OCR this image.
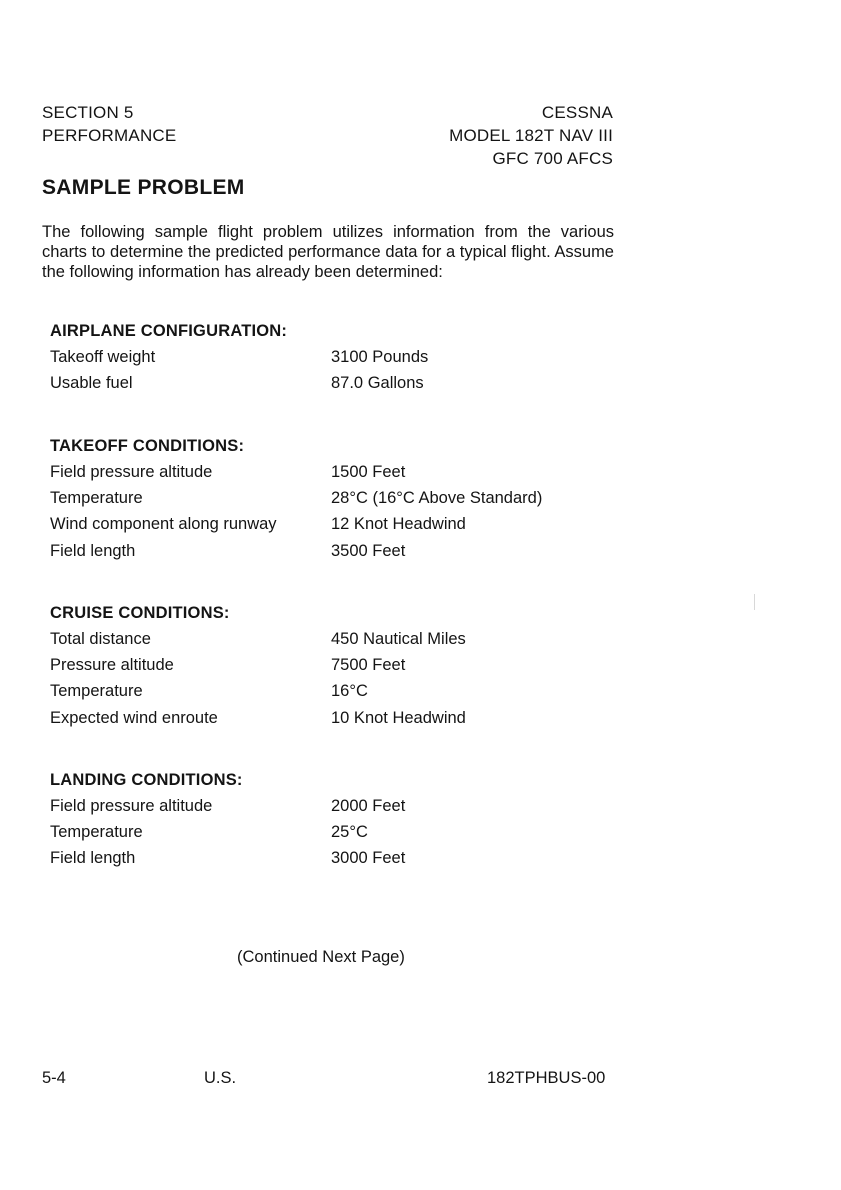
SECTION 5
PERFORMANCE
CESSNA
MODEL 182T NAV III
GFC 700 AFCS
SAMPLE PROBLEM

The following sample flight problem utilizes information from the various charts to determine the predicted performance data for a typical flight. Assume the following information has already been determined:

AIRPLANE CONFIGURATION:
Takeoff weight	3100 Pounds
Usable fuel	87.0 Gallons
TAKEOFF CONDITIONS:
Field pressure altitude	1500 Feet
Temperature	28°C (16°C Above Standard)
Wind component along runway	12 Knot Headwind
Field length	3500 Feet
CRUISE CONDITIONS:
Total distance	450 Nautical Miles
Pressure altitude	7500 Feet
Temperature	16°C
Expected wind enroute	10 Knot Headwind
LANDING CONDITIONS:
Field pressure altitude	2000 Feet
Temperature	25°C
Field length	3000 Feet
(Continued Next Page)
5-4	U.S.	182TPHBUS-00
